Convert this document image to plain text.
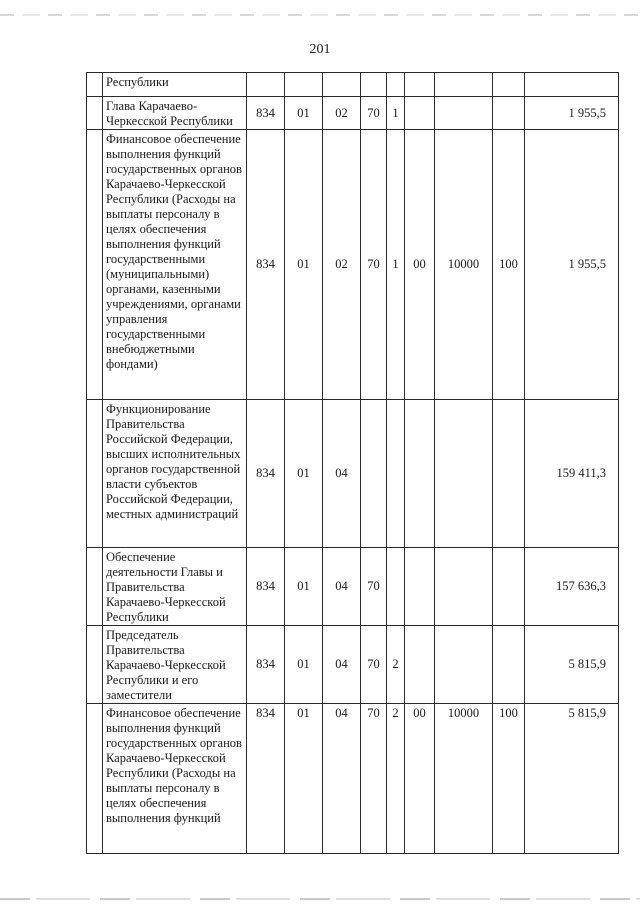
201
	Республики									
	Глава Карачаево-Черкесской Республики	834	01	02	70	1				1 955,5
	Финансовое обеспечение выполнения функций государственных органов Карачаево-Черкесской Республики (Расходы на выплаты персоналу в целях обеспечения выполнения функций государственными (муниципальными) органами, казенными учреждениями, органами управления государственными внебюджетными фондами)	834	01	02	70	1	00	10000	100	1 955,5
	Функционирование Правительства Российской Федерации, высших исполнительных органов государственной власти субъектов Российской Федерации, местных администраций	834	01	04						159 411,3
	Обеспечение деятельности Главы и Правительства Карачаево-Черкесской Республики	834	01	04	70					157 636,3
	Председатель Правительства Карачаево-Черкесской Республики и его заместители	834	01	04	70	2				5 815,9
	Финансовое обеспечение выполнения функций государственных органов Карачаево-Черкесской Республики (Расходы на выплаты персоналу в целях обеспечения выполнения функций	834	01	04	70	2	00	10000	100	5 815,9
